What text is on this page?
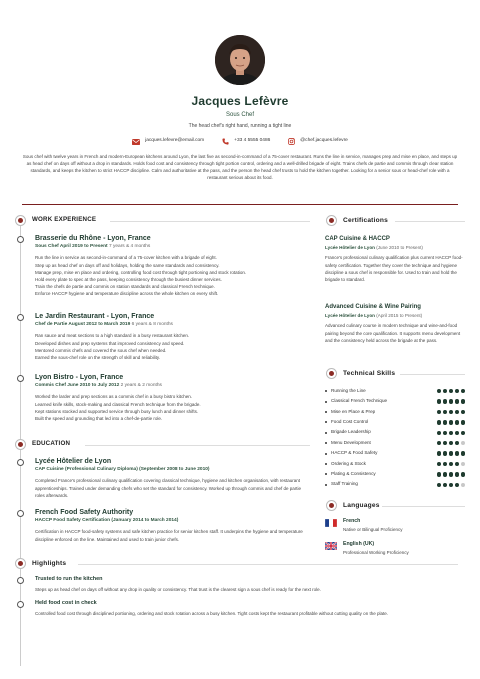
Jacques Lefèvre
Sous Chef
The head chef's right hand, running a tight line
jacques.lefevre@email.com	+33 4 5555 0486	@chef.jacques.lefevre
Sous chef with twelve years in French and modern-European kitchens around Lyon, the last five as second-in-command of a 75-cover restaurant. Runs the line in service, manages prep and mise en place, and steps up as head chef on days off without a drop in standards. Holds food cost and consistency through tight portion control, ordering and a well-drilled brigade of eight. Trains chefs de partie and commis through clear station standards, and keeps the kitchen to strict HACCP discipline. Calm and authoritative at the pass, and the person the head chef trusts to hold the kitchen together. Looking for a senior sous or head-chef role with a restaurant serious about its food.
WORK EXPERIENCE
Brasserie du Rhône - Lyon, France
Sous Chef April 2019 to Present 7 years & 4 months
Run the line in service as second-in-command of a 75-cover kitchen with a brigade of eight.
Step up as head chef on days off and holidays, holding the same standards and consistency.
Manage prep, mise en place and ordering, controlling food cost through tight portioning and stock rotation.
Hold every plate to spec at the pass, keeping consistency through the busiest dinner services.
Train the chefs de partie and commis on station standards and classical French technique.
Enforce HACCP hygiene and temperature discipline across the whole kitchen on every shift.
Le Jardin Restaurant - Lyon, France
Chef de Partie August 2012 to March 2019 6 years & 8 months
Ran sauce and meat sections to a high standard in a busy restaurant kitchen.
Developed dishes and prep systems that improved consistency and speed.
Mentored commis chefs and covered the sous chef when needed.
Earned the sous-chef role on the strength of skill and reliability.
Lyon Bistro - Lyon, France
Commis Chef June 2010 to July 2012 2 years & 2 months
Worked the larder and prep sections as a commis chef in a busy bistro kitchen.
Learned knife skills, stock-making and classical French technique from the brigade.
Kept stations stocked and supported service through busy lunch and dinner shifts.
Built the speed and grounding that led into a chef-de-partie role.
EDUCATION
Lycée Hôtelier de Lyon
CAP Cuisine (Professional Culinary Diploma) (September 2008 to June 2010)
Completed France's professional culinary qualification covering classical technique, hygiene and kitchen organisation, with restaurant apprenticeships. Trained under demanding chefs who set the standard for consistency. Worked up through commis and chef de partie roles afterwards.
French Food Safety Authority
HACCP Food Safety Certification (January 2014 to March 2014)
Certification in HACCP food-safety systems and safe kitchen practice for senior kitchen staff. It underpins the hygiene and temperature discipline enforced on the line. Maintained and used to train junior chefs.
Highlights
Trusted to run the kitchen
Steps up as head chef on days off without any drop in quality or consistency. That trust is the clearest sign a sous chef is ready for the next role.
Held food cost in check
Controlled food cost through disciplined portioning, ordering and stock rotation across a busy kitchen. Tight costs kept the restaurant profitable without cutting quality on the plate.
Certifications
CAP Cuisine & HACCP
Lycée Hôtelier de Lyon (June 2010 to Present)
France's professional culinary qualification plus current HACCP food-safety certification. Together they cover the technique and hygiene discipline a sous chef is responsible for. Used to train and hold the brigade to standard.
Advanced Cuisine & Wine Pairing
Lycée Hôtelier de Lyon (April 2015 to Present)
Advanced culinary course in modern technique and wine-and-food pairing beyond the core qualification. It supports menu development and the consistency held across the brigade at the pass.
Technical Skills
Running the Line
Classical French Technique
Mise en Place & Prep
Food Cost Control
Brigade Leadership
Menu Development
HACCP & Food Safety
Ordering & Stock
Plating & Consistency
Staff Training
Languages
French
Native or Bilingual Proficiency
English (UK)
Professional Working Proficiency
